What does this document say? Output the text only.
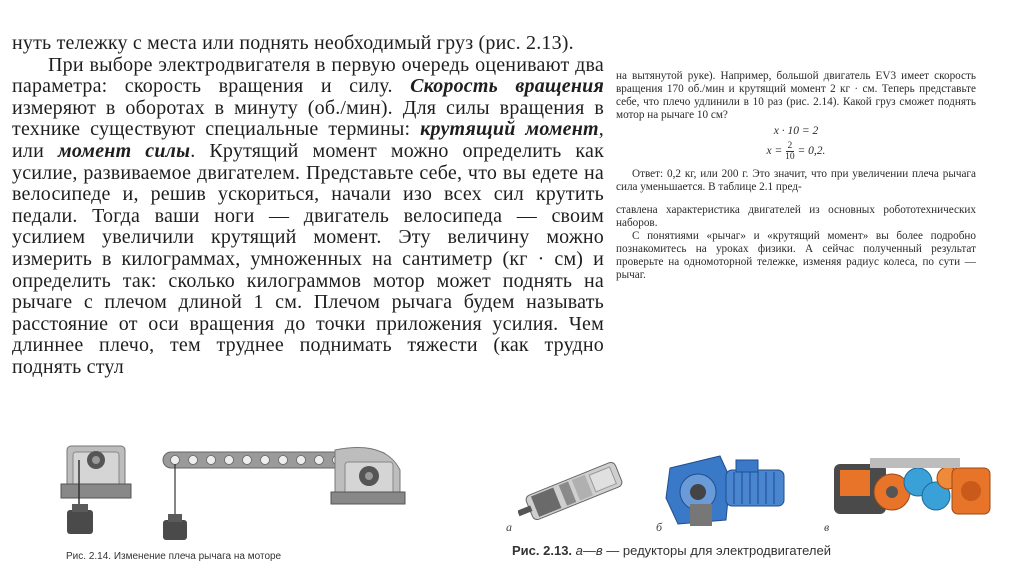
нуть тележку с места или поднять необходимый груз (рис. 2.13).

При выборе электродвигателя в первую очередь оценивают два параметра: скорость вращения и силу. Скорость вращения измеряют в оборотах в минуту (об./мин). Для силы вращения в технике существуют специальные термины: крутящий момент, или момент силы. Крутящий момент можно определить как усилие, развиваемое двигателем. Представьте себе, что вы едете на велосипеде и, решив ускориться, начали изо всех сил крутить педали. Тогда ваши ноги — двигатель велосипеда — своим усилием увеличили крутящий момент. Эту величину можно измерить в килограммах, умноженных на сантиметр (кг · см) и определить так: сколько килограммов мотор может поднять на рычаге с плечом длиной 1 см. Плечом рычага будем называть расстояние от оси вращения до точки приложения усилия. Чем длиннее плечо, тем труднее поднимать тяжести (как трудно поднять стул

на вытянутой руке). Например, большой двигатель EV3 имеет скорость вращения 170 об./мин и крутящий момент 2 кг · см. Теперь представьте себе, что плечо удлинили в 10 раз (рис. 2.14). Какой груз сможет поднять мотор на рычаге 10 см?

x · 10 = 2
$x = \frac{2}{10} = 0,2$.

Ответ: 0,2 кг, или 200 г. Это значит, что при увеличении плеча рычага сила уменьшается. В таблице 2.1 пред-

ставлена характеристика двигателей из основных робототехнических наборов.

С понятиями «рычаг» и «крутящий момент» вы более подробно познакомитесь на уроках физики. А сейчас полученный результат проверьте на одномоторной тележке, изменяя радиус колеса, по сути — рычаг.

Рис. 2.14. Изменение плеча рычага на моторе
а	б	в
Рис. 2.13. а—в — редукторы для электродвигателей
